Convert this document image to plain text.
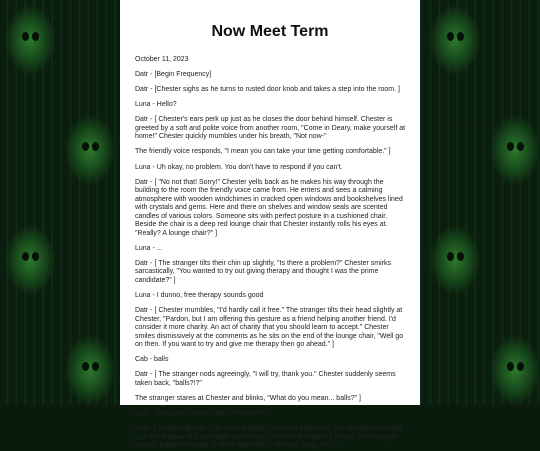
Now Meet Term

October 11, 2023

Datr - [Begin Frequency]

Datr - [Chester sighs as he turns to rusted door knob and takes a step into the room. ]

Luna - Hello?

Datr - [ Chester's ears perk up just as he closes the door behind himself. Chester is greeted by a soft and polite voice from another room, "Come in Deary, make yourself at home!" Chester quickly mumbles under his breath, "Not now-"

The friendly voice responds, "I mean you can take your time getting comfortable." ]

Luna - Uh okay, no problem. You don't have to respond if you can't.

Datr - [ "No not that! Sorry!" Chester yells back as he makes his way through the building to the room the friendly voice came from. He enters and sees a calming atmosphere with wooden windchimes in cracked open windows and bookshelves lined with crystals and gems. Here and there on shelves and window seals are scented candles of various colors. Someone sits with perfect posture in a cushioned chair. Beside the chair is a deep red lounge chair that Chester instantly rolls his eyes at. "Really? A lounge chair?" ]

Luna - ...

Datr - [ The stranger tilts their chin up slightly, "Is there a problem?" Chester smirks sarcastically, "You wanted to try out giving therapy and thought I was the prime candidate?" ]

Luna - I dunno, free therapy sounds good

Datr - [ Chester mumbles, "I'd hardly call it free." The stranger tilts their head slightly at Chester, "Pardon, but I am offering this gesture as a friend helping another friend. I'd consider it more charity. An act of charity that you should learn to accept." Chester smiles dismissively at the comments as he sits on the end of the lounge chair, "Well go on then. If you want to try and give me therapy then go ahead." ]

Cab - balls

Datr - [ The stranger nods agreeingly, "I will try, thank you." Chester suddenly seems taken back, "balls?!?"

The stranger stares at Chester and blinks, "What do you mean... balls?" ]

Cab - Jesus you can not catch a break, huh.

Datr - [ Chester growls, "Me catch a break? You said balls first!" The stranger sets their cup of tea down to a side table as he leans in closer to inspect Chester. The stranger sounds mildly confused, "I never said balls... Are you doing ok?" ]
